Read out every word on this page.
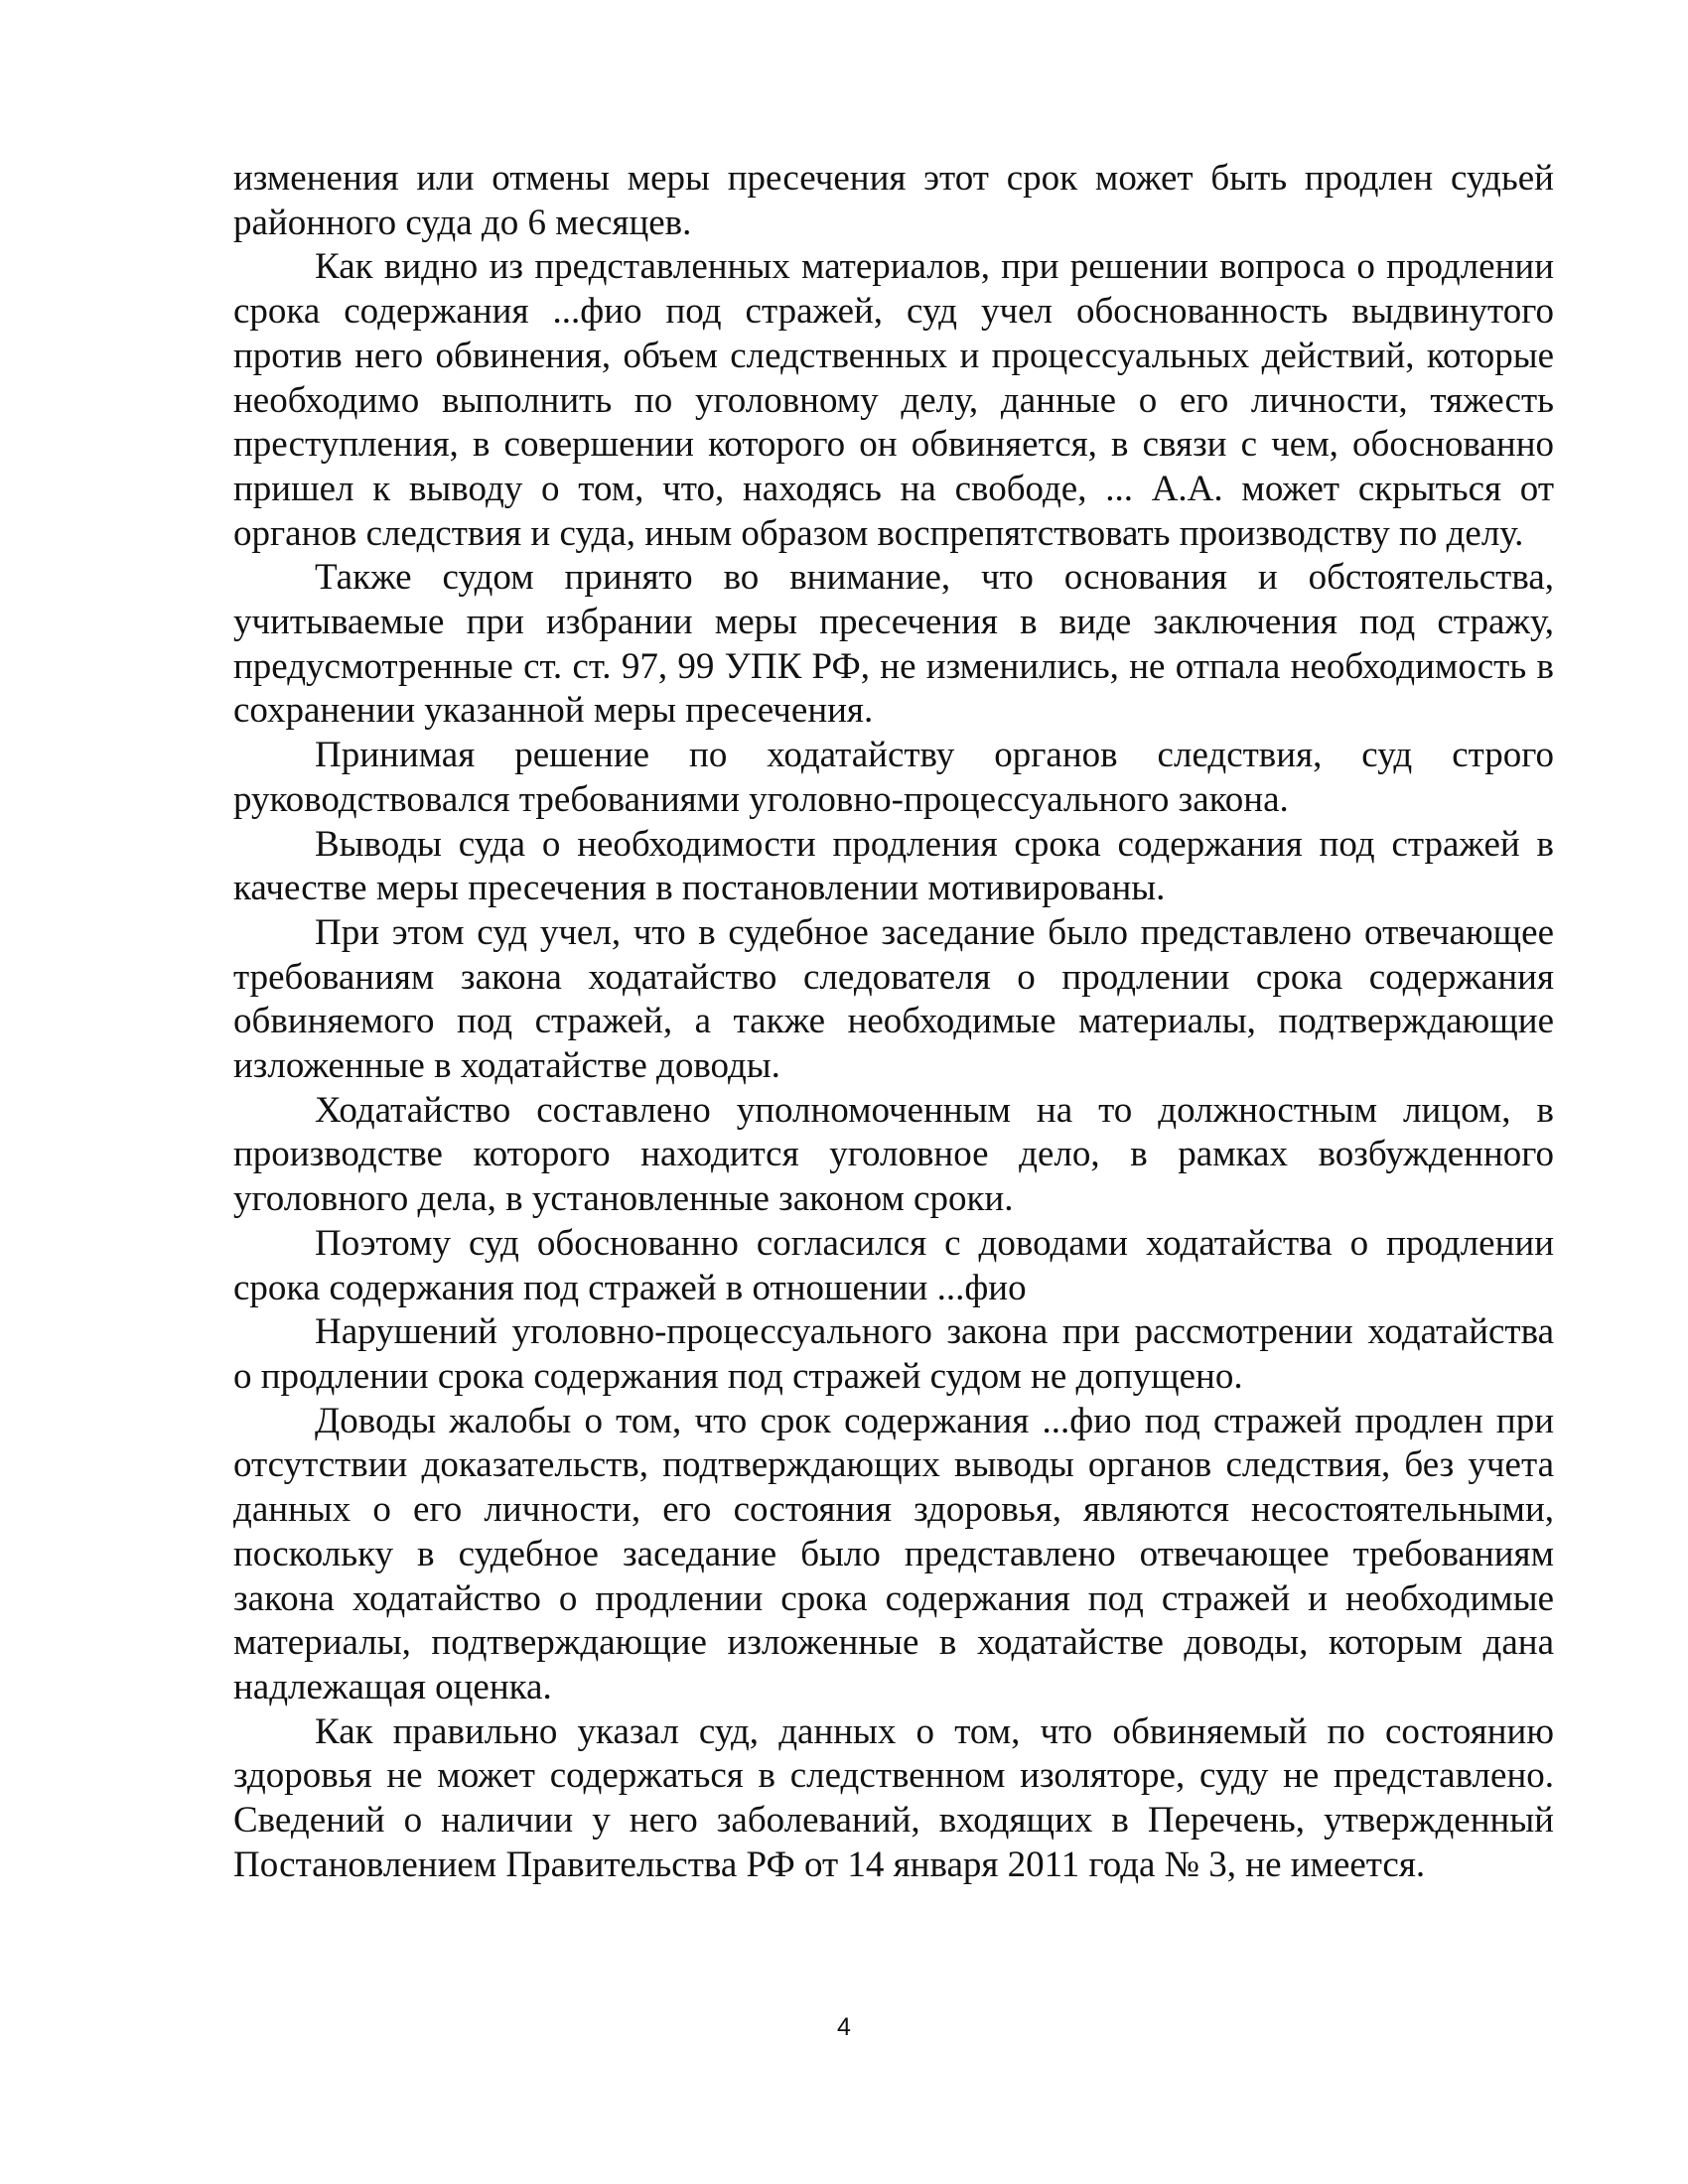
изменения или отмены меры пресечения этот срок может быть продлен судьей районного суда до 6 месяцев.

Как видно из представленных материалов, при решении вопроса о продлении срока содержания ...фио под стражей, суд учел обоснованность выдвинутого против него обвинения, объем следственных и процессуальных действий, которые необходимо выполнить по уголовному делу, данные о его личности, тяжесть преступления, в совершении которого он обвиняется, в связи с чем, обоснованно пришел к выводу о том, что, находясь на свободе, ... А.А. может скрыться от органов следствия и суда, иным образом воспрепятствовать производству по делу.

Также судом принято во внимание, что основания и обстоятельства, учитываемые при избрании меры пресечения в виде заключения под стражу, предусмотренные ст. ст. 97, 99 УПК РФ, не изменились, не отпала необходимость в сохранении указанной меры пресечения.

Принимая решение по ходатайству органов следствия, суд строго руководствовался требованиями уголовно-процессуального закона.

Выводы суда о необходимости продления срока содержания под стражей в качестве меры пресечения в постановлении мотивированы.

При этом суд учел, что в судебное заседание было представлено отвечающее требованиям закона ходатайство следователя о продлении срока содержания обвиняемого под стражей, а также необходимые материалы, подтверждающие изложенные в ходатайстве доводы.

Ходатайство составлено уполномоченным на то должностным лицом, в производстве которого находится уголовное дело, в рамках возбужденного уголовного дела, в установленные законом сроки.

Поэтому суд обоснованно согласился с доводами ходатайства о продлении срока содержания под стражей в отношении ...фио

Нарушений уголовно-процессуального закона при рассмотрении ходатайства о продлении срока содержания под стражей судом не допущено.

Доводы жалобы о том, что срок содержания ...фио под стражей продлен при отсутствии доказательств, подтверждающих выводы органов следствия, без учета данных о его личности, его состояния здоровья, являются несостоятельными, поскольку в судебное заседание было представлено отвечающее требованиям закона ходатайство о продлении срока содержания под стражей и необходимые материалы, подтверждающие изложенные в ходатайстве доводы, которым дана надлежащая оценка.

Как правильно указал суд, данных о том, что обвиняемый по состоянию здоровья не может содержаться в следственном изоляторе, суду не представлено. Сведений о наличии у него заболеваний, входящих в Перечень, утвержденный Постановлением Правительства РФ от 14 января 2011 года № 3, не имеется.

4
